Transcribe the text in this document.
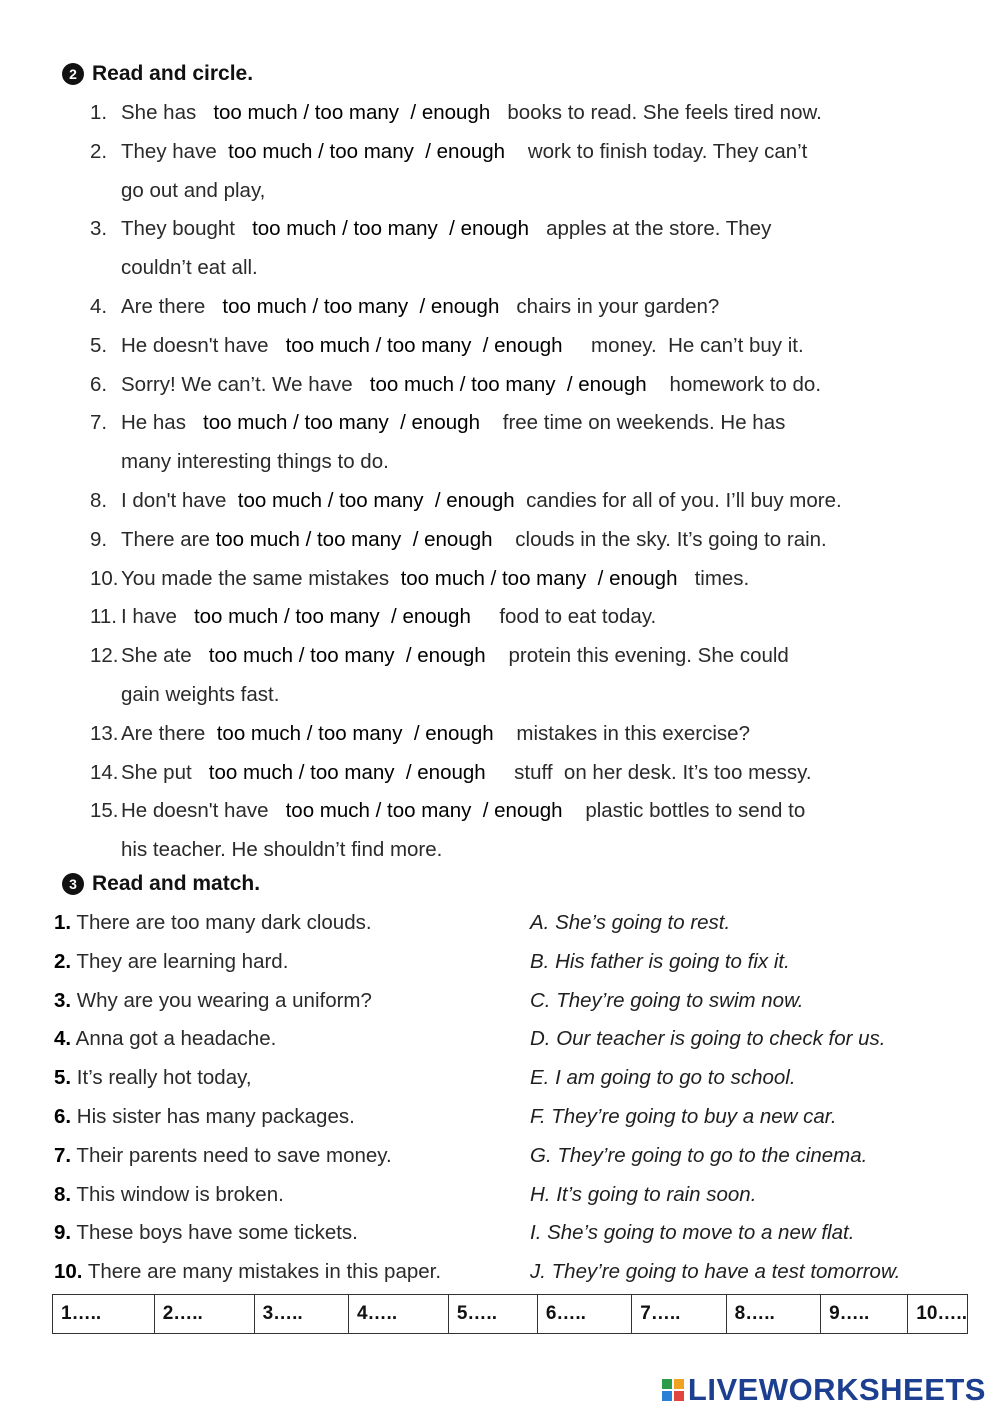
2 Read and circle.
1. She has   too much / too many  / enough   books to read. She feels tired now.
2. They have  too much / too many  / enough    work to finish today. They can’t
go out and play,
3. They bought   too much / too many  / enough   apples at the store. They
couldn’t eat all.
4. Are there   too much / too many  / enough   chairs in your garden?
5. He doesn't have   too much / too many  / enough     money.  He can’t buy it.
6. Sorry! We can’t. We have   too much / too many  / enough    homework to do.
7. He has   too much / too many  / enough    free time on weekends. He has
many interesting things to do.
8. I don't have  too much / too many  / enough  candies for all of you. I’ll buy more.
9. There are too much / too many  / enough    clouds in the sky. It’s going to rain.
10. You made the same mistakes  too much / too many  / enough   times.
11. I have   too much / too many  / enough     food to eat today.
12. She ate   too much / too many  / enough    protein this evening. She could
gain weights fast.
13. Are there  too much / too many  / enough    mistakes in this exercise?
14. She put   too much / too many  / enough     stuff  on her desk. It’s too messy.
15. He doesn't have   too much / too many  / enough    plastic bottles to send to
his teacher. He shouldn’t find more.
3 Read and match.
1. There are too many dark clouds.	A. She’s going to rest.
2. They are learning hard.	B. His father is going to fix it.
3. Why are you wearing a uniform?	C. They’re going to swim now.
4. Anna got a headache.	D. Our teacher is going to check for us.
5. It’s really hot today,	E. I am going to go to school.
6. His sister has many packages.	F. They’re going to buy a new car.
7. Their parents need to save money.	G. They’re going to go to the cinema.
8. This window is broken.	H. It’s going to rain soon.
9. These boys have some tickets.	I. She’s going to move to a new flat.
10. There are many mistakes in this paper.	J. They’re going to have a test tomorrow.
1…..	2…..	3…..	4…..	5…..	6…..	7…..	8…..	9…..	10…..
LIVEWORKSHEETS
